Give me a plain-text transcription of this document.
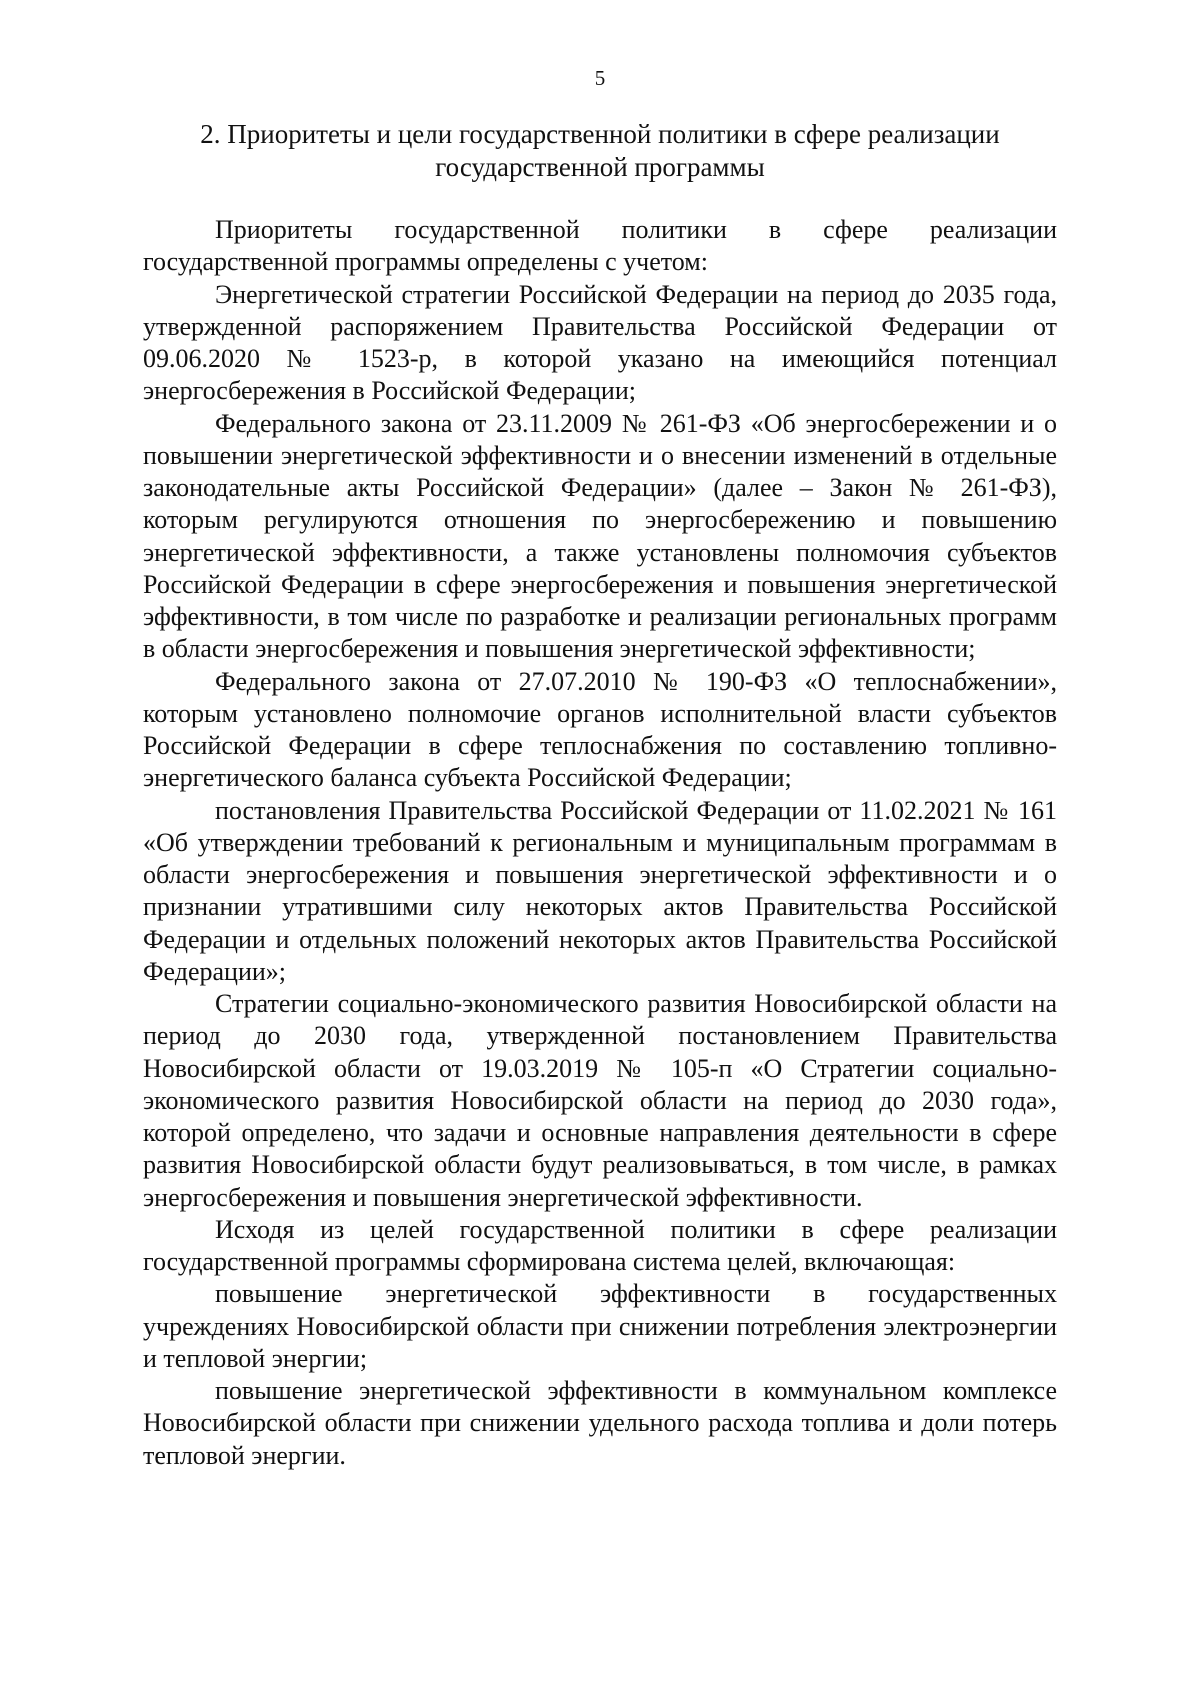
5
2. Приоритеты и цели государственной политики в сфере реализации
государственной программы

Приоритеты государственной политики в сфере реализации государственной программы определены с учетом:

Энергетической стратегии Российской Федерации на период до 2035 года, утвержденной распоряжением Правительства Российской Федерации от 09.06.2020 № 1523-р, в которой указано на имеющийся потенциал энергосбережения в Российской Федерации;

Федерального закона от 23.11.2009 № 261-ФЗ «Об энергосбережении и о повышении энергетической эффективности и о внесении изменений в отдельные законодательные акты Российской Федерации» (далее – Закон № 261-ФЗ), которым регулируются отношения по энергосбережению и повышению энергетической эффективности, а также установлены полномочия субъектов Российской Федерации в сфере энергосбережения и повышения энергетической эффективности, в том числе по разработке и реализации региональных программ в области энергосбережения и повышения энергетической эффективности;

Федерального закона от 27.07.2010 № 190-ФЗ «О теплоснабжении», которым установлено полномочие органов исполнительной власти субъектов Российской Федерации в сфере теплоснабжения по составлению топливно-энергетического баланса субъекта Российской Федерации;

постановления Правительства Российской Федерации от 11.02.2021 № 161 «Об утверждении требований к региональным и муниципальным программам в области энергосбережения и повышения энергетической эффективности и о признании утратившими силу некоторых актов Правительства Российской Федерации и отдельных положений некоторых актов Правительства Российской Федерации»;

Стратегии социально-экономического развития Новосибирской области на период до 2030 года, утвержденной постановлением Правительства Новосибирской области от 19.03.2019 № 105-п «О Стратегии социально-экономического развития Новосибирской области на период до 2030 года», которой определено, что задачи и основные направления деятельности в сфере развития Новосибирской области будут реализовываться, в том числе, в рамках энергосбережения и повышения энергетической эффективности.

Исходя из целей государственной политики в сфере реализации государственной программы сформирована система целей, включающая:

повышение энергетической эффективности в государственных учреждениях Новосибирской области при снижении потребления электроэнергии и тепловой энергии;

повышение энергетической эффективности в коммунальном комплексе Новосибирской области при снижении удельного расхода топлива и доли потерь тепловой энергии.
